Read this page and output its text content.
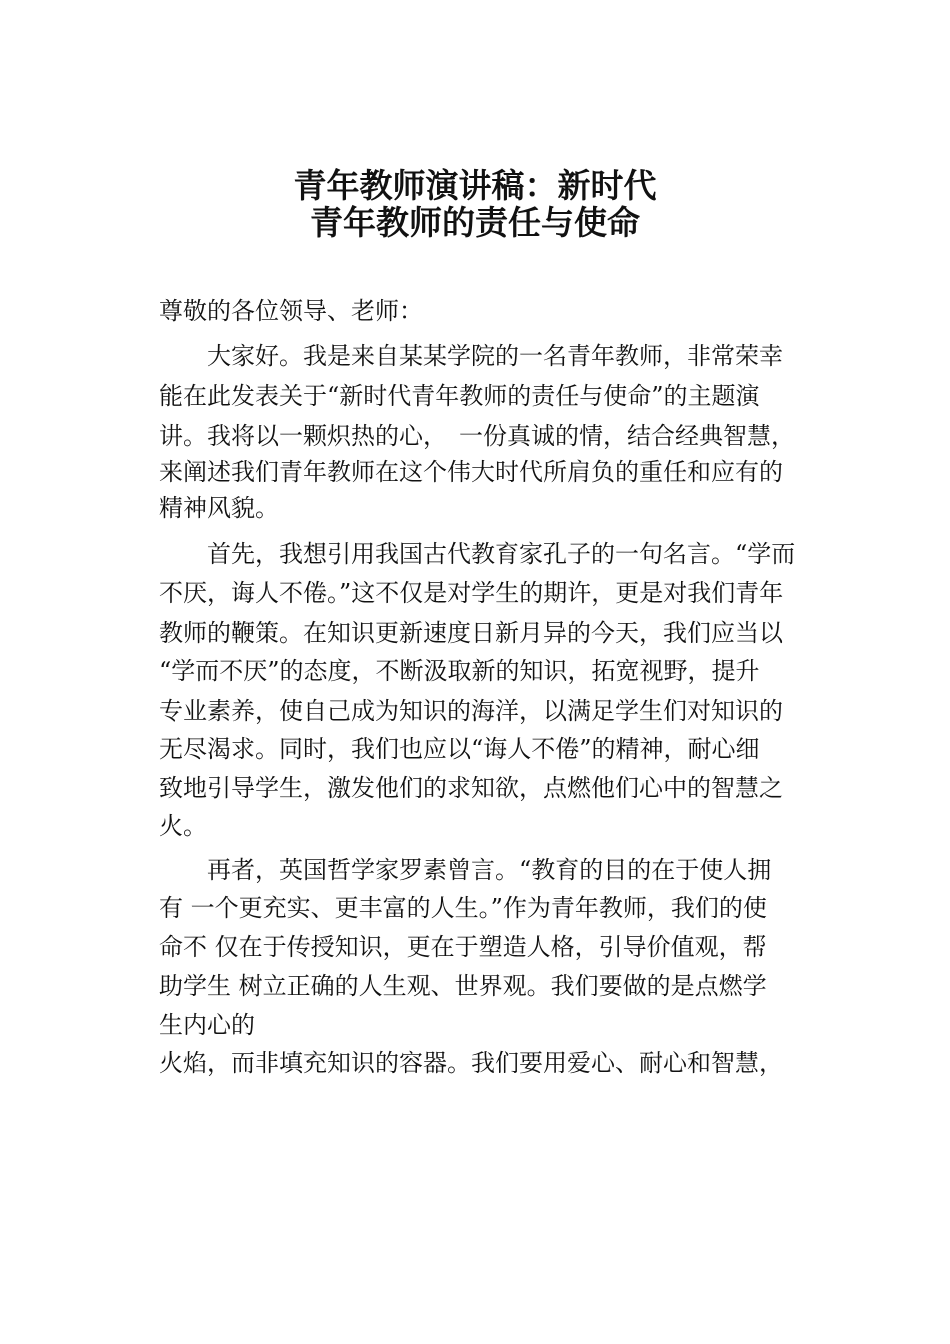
青年教师演讲稿：新时代
青年教师的责任与使命
尊敬的各位领导、老师：
　　大家好。我是来自某某学院的一名青年教师，非常荣幸
能在此发表关于“新时代青年教师的责任与使命”的主题演
讲。我将以一颗炽热的心，　一份真诚的情，结合经典智慧，
来阐述我们青年教师在这个伟大时代所肩负的重任和应有的
精神风貌。
　　首先，我想引用我国古代教育家孔子的一句名言。“学而
不厌，诲人不倦。”这不仅是对学生的期许，更是对我们青年
教师的鞭策。在知识更新速度日新月异的今天，我们应当以
“学而不厌”的态度，不断汲取新的知识，拓宽视野，提升
专业素养，使自己成为知识的海洋，以满足学生们对知识的
无尽渴求。同时，我们也应以“诲人不倦”的精神，耐心细
致地引导学生，激发他们的求知欲，点燃他们心中的智慧之
火。
　　再者，英国哲学家罗素曾言。“教育的目的在于使人拥
有 一个更充实、更丰富的人生。”作为青年教师，我们的使
命不 仅在于传授知识，更在于塑造人格，引导价值观，帮
助学生 树立正确的人生观、世界观。我们要做的是点燃学
生内心的
火焰，而非填充知识的容器。我们要用爱心、耐心和智慧，
